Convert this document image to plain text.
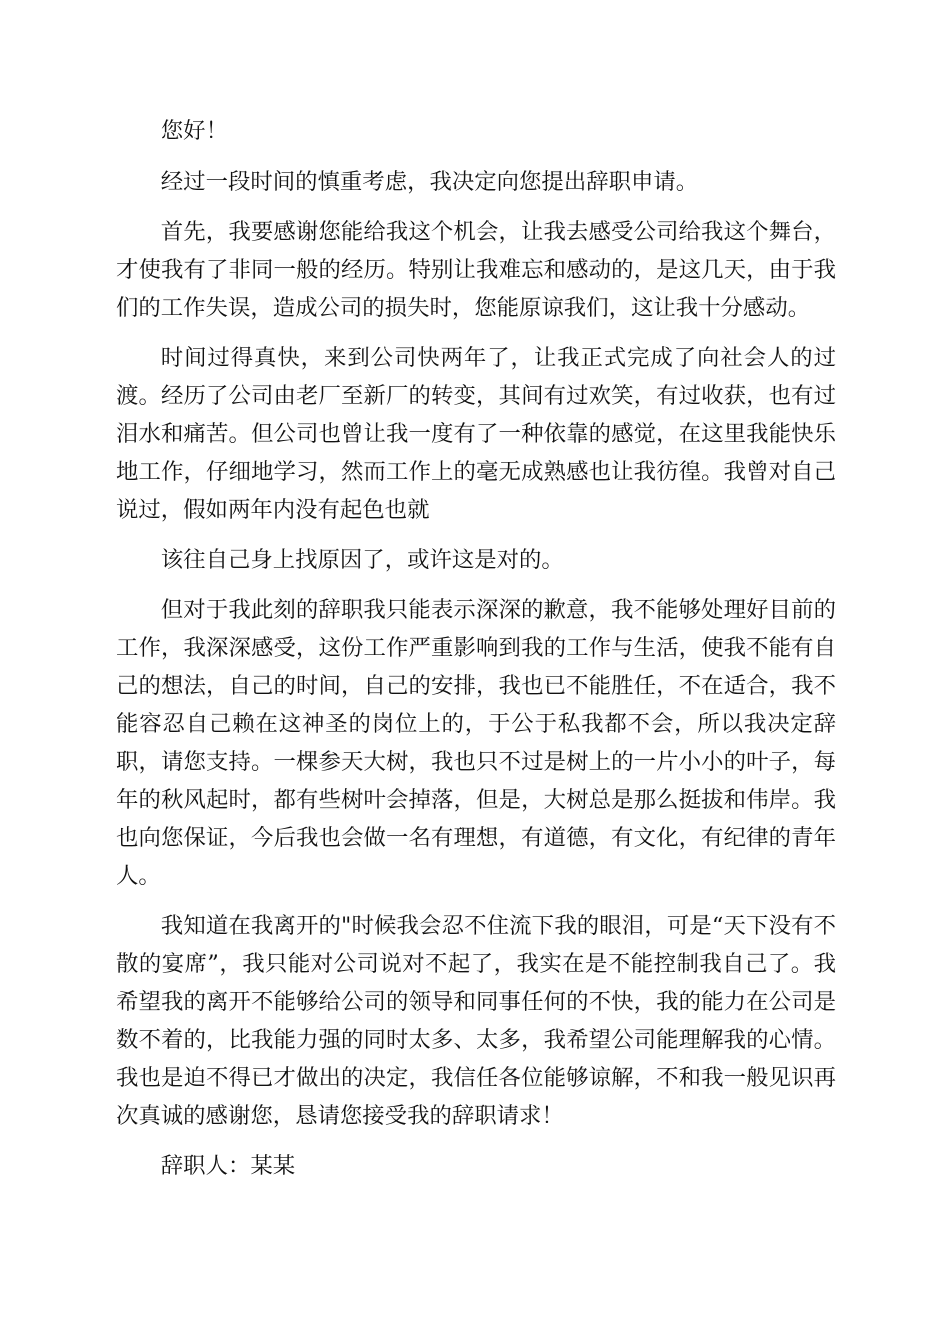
您好！

经过一段时间的慎重考虑，我决定向您提出辞职申请。

首先，我要感谢您能给我这个机会，让我去感受公司给我这个舞台，才使我有了非同一般的经历。特别让我难忘和感动的，是这几天，由于我们的工作失误，造成公司的损失时，您能原谅我们，这让我十分感动。

时间过得真快，来到公司快两年了，让我正式完成了向社会人的过渡。经历了公司由老厂至新厂的转变，其间有过欢笑，有过收获，也有过泪水和痛苦。但公司也曾让我一度有了一种依靠的感觉，在这里我能快乐地工作，仔细地学习，然而工作上的毫无成熟感也让我彷徨。我曾对自己说过，假如两年内没有起色也就

该往自己身上找原因了，或许这是对的。

但对于我此刻的辞职我只能表示深深的歉意，我不能够处理好目前的工作，我深深感受，这份工作严重影响到我的工作与生活，使我不能有自己的想法，自己的时间，自己的安排，我也已不能胜任，不在适合，我不能容忍自己赖在这神圣的岗位上的，于公于私我都不会，所以我决定辞职，请您支持。一棵参天大树，我也只不过是树上的一片小小的叶子，每年的秋风起时，都有些树叶会掉落，但是，大树总是那么挺拔和伟岸。我也向您保证，今后我也会做一名有理想，有道德，有文化，有纪律的青年人。

我知道在我离开的"时候我会忍不住流下我的眼泪，可是“天下没有不散的宴席”，我只能对公司说对不起了，我实在是不能控制我自己了。我希望我的离开不能够给公司的领导和同事任何的不快，我的能力在公司是数不着的，比我能力强的同时太多、太多，我希望公司能理解我的心情。我也是迫不得已才做出的决定，我信任各位能够谅解，不和我一般见识再次真诚的感谢您，恳请您接受我的辞职请求！

辞职人：某某
